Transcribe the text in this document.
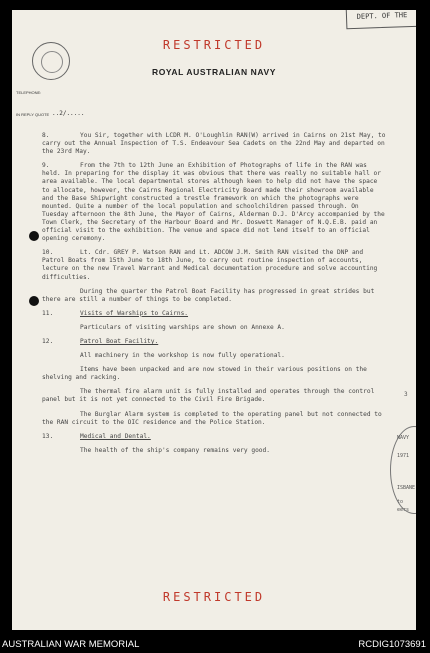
DEPT. OF THE
RESTRICTED
ROYAL AUSTRALIAN NAVY
TELEPHONE:
IN REPLY QUOTE ..2/.....
8.	You Sir, together with LCDR M. O'Loughlin RAN(W) arrived in Cairns on 21st May, to carry out the Annual Inspection of T.S. Endeavour Sea Cadets on the 22nd May and departed on the 23rd May.
9.	From the 7th to 12th June an Exhibition of Photographs of life in the RAN was held. In preparing for the display it was obvious that there was really no suitable hall or area available. The local departmental stores although keen to help did not have the space to allocate, however, the Cairns Regional Electricity Board made their showroom available and the Base Shipwright constructed a trestle framework on which the photographs were mounted. Quite a number of the local population and schoolchildren passed through. On Tuesday afternoon the 8th June, the Mayor of Cairns, Alderman D.J. D'Arcy accompanied by the Town Clerk, the Secretary of the Harbour Board and Mr. Doswett Manager of N.Q.E.B. paid an official visit to the exhibition. The venue and space did not lend itself to an official opening ceremony.
10.	Lt. Cdr. GREY P. Watson RAN and Lt. ADCOW J.M. Smith RAN visited the DNP and Patrol Boats from 15th June to 18th June, to carry out routine inspection of accounts, lecture on the new Travel Warrant and Medical documentation procedure and solve accounting difficulties.
During the quarter the Patrol Boat Facility has progressed in great strides but there are still a number of things to be completed.
11.	Visits of Warships to Cairns.
Particulars of visiting warships are shown on Annexe A.
12.	Patrol Boat Facility.
All machinery in the workshop is now fully operational.
Items have been unpacked and are now stowed in their various positions on the shelving and racking.
The thermal fire alarm unit is fully installed and operates through the control panel but it is not yet connected to the Civil Fire Brigade.
The Burglar Alarm system is completed to the operating panel but not connected to the RAN circuit to the OIC residence and the Police Station.
13.	Medical and Dental.
The health of the ship's company remains very good.
3
NAVY
1971
ISBANE
to
eers
RESTRICTED
AUSTRALIAN WAR MEMORIAL	RCDIG1073691
